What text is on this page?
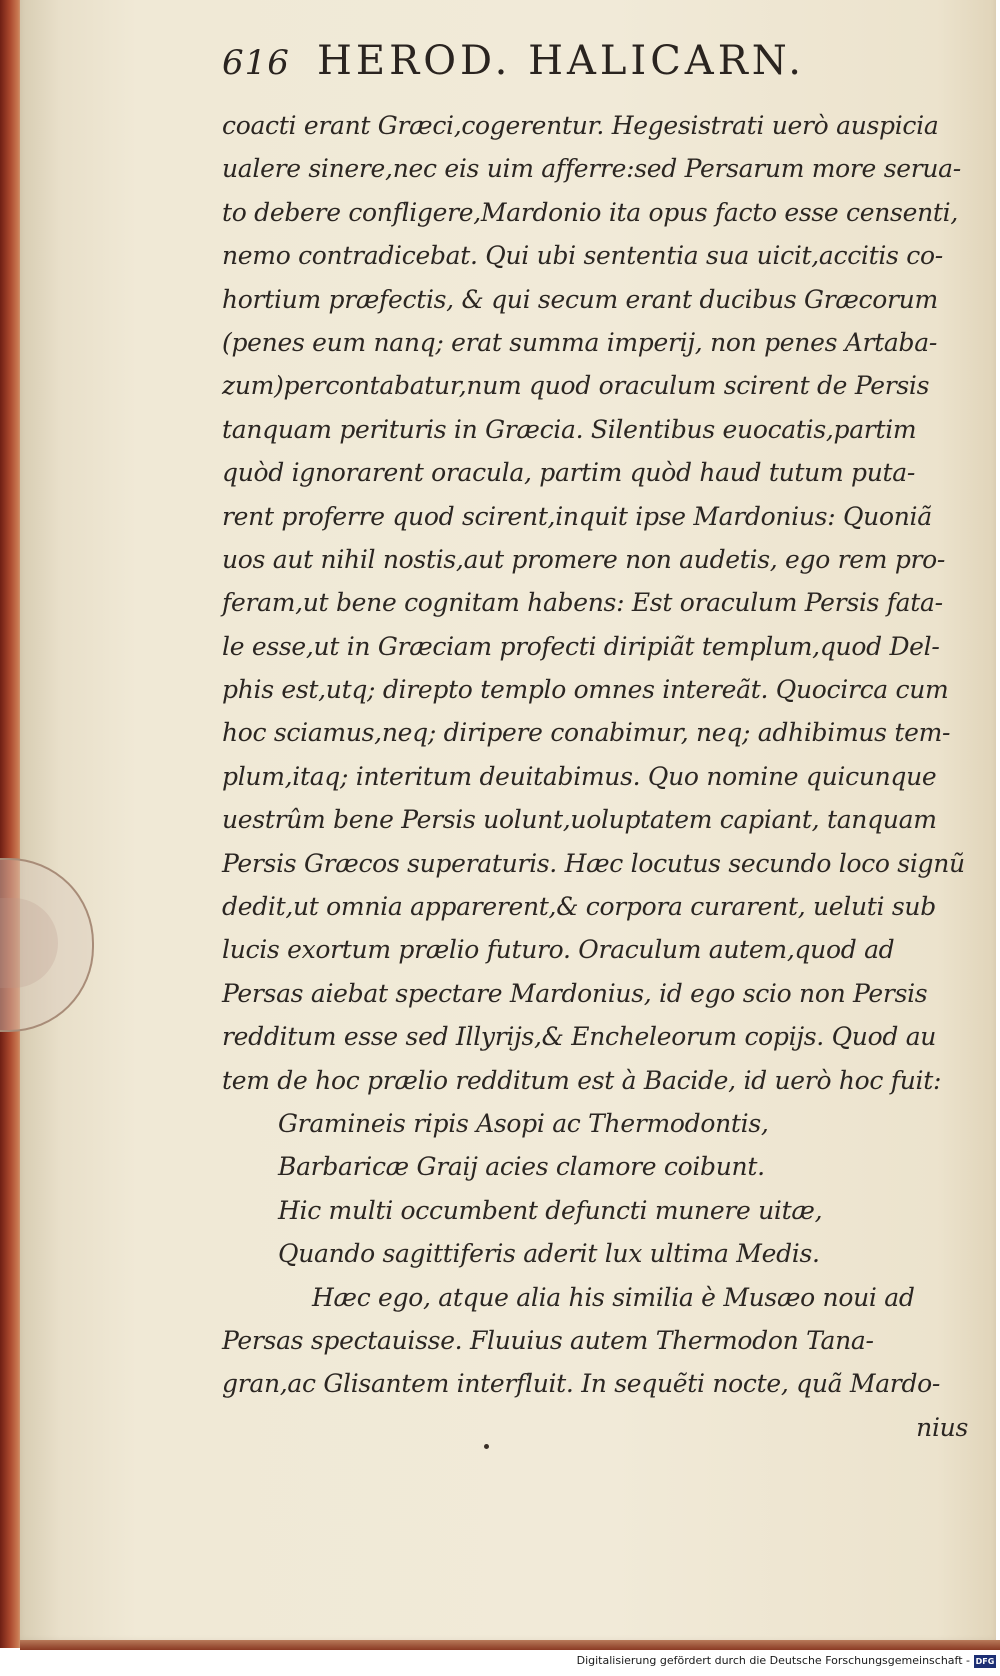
616 HEROD. HALICARN.
coacti erant Græci,cogerentur. Hegesistrati uerò auspicia
ualere sinere,nec eis uim afferre:sed Persarum more serua-
to debere confligere,Mardonio ita opus facto esse censenti,
nemo contradicebat. Qui ubi sententia sua uicit,accitis co-
hortium præfectis, & qui secum erant ducibus Græcorum
(penes eum nanq; erat summa imperij, non penes Artaba-
zum)percontabatur,num quod oraculum scirent de Persis
tanquam perituris in Græcia. Silentibus euocatis,partim
quòd ignorarent oracula, partim quòd haud tutum puta-
rent proferre quod scirent,inquit ipse Mardonius: Quoniã
uos aut nihil nostis,aut promere non audetis, ego rem pro-
feram,ut bene cognitam habens: Est oraculum Persis fata-
le esse,ut in Græciam profecti diripiãt templum,quod Del-
phis est,utq; direpto templo omnes intereãt. Quocirca cum
hoc sciamus,neq; diripere conabimur, neq; adhibimus tem-
plum,itaq; interitum deuitabimus. Quo nomine quicunque
uestrûm bene Persis uolunt,uoluptatem capiant, tanquam
Persis Græcos superaturis. Hæc locutus secundo loco signũ
dedit,ut omnia apparerent,& corpora curarent, ueluti sub
lucis exortum prælio futuro. Oraculum autem,quod ad
Persas aiebat spectare Mardonius, id ego scio non Persis
redditum esse sed Illyrijs,& Encheleorum copijs. Quod au
tem de hoc prælio redditum est à Bacide, id uerò hoc fuit:
Gramineis ripis Asopi ac Thermodontis,
Barbaricæ Graij acies clamore coibunt.
Hic multi occumbent defuncti munere uitæ,
Quando sagittiferis aderit lux ultima Medis.
Hæc ego, atque alia his similia è Musæo noui ad
Persas spectauisse. Fluuius autem Thermodon Tana-
gran,ac Glisantem interfluit. In sequẽti nocte, quã Mardo-
nius
Digitalisierung gefördert durch die Deutsche Forschungsgemeinschaft - DFG
